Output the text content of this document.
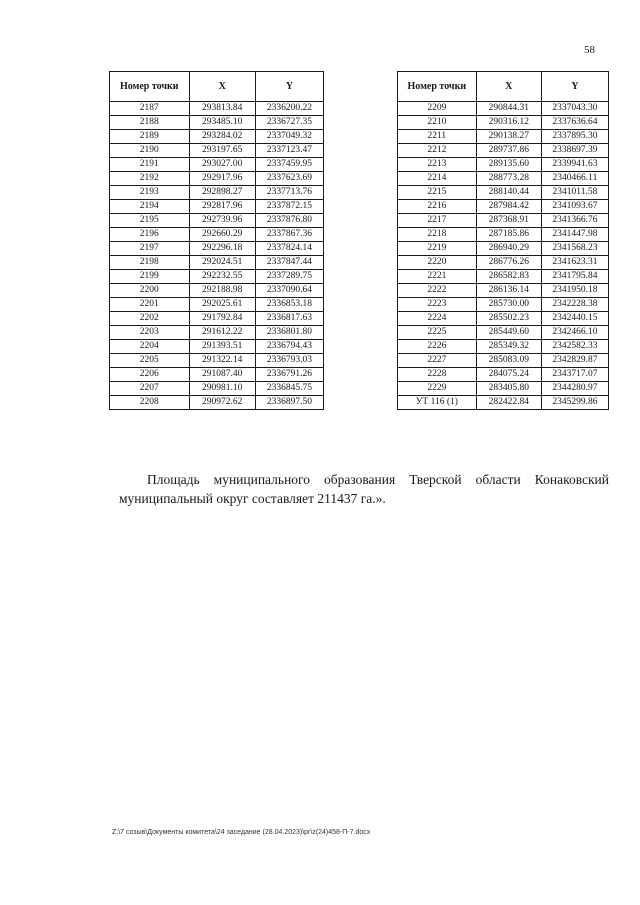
58
Номер точки	X	Y
2187	293813.84	2336200.22
2188	293485.10	2336727.35
2189	293284.02	2337049.32
2190	293197.65	2337123.47
2191	293027.00	2337459.95
2192	292917.96	2337623.69
2193	292898.27	2337713.76
2194	292817.96	2337872.15
2195	292739.96	2337876.80
2196	292660.29	2337867.36
2197	292296.18	2337824.14
2198	292024.51	2337847.44
2199	292232.55	2337289.75
2200	292188.98	2337090.64
2201	292025.61	2336853.18
2202	291792.84	2336817.63
2203	291612.22	2336801.80
2204	291393.51	2336794.43
2205	291322.14	2336793.03
2206	291087.40	2336791.26
2207	290981.10	2336845.75
2208	290972.62	2336897.50
Номер точки	X	Y
2209	290844.31	2337043.30
2210	290316.12	2337636.64
2211	290138.27	2337895.30
2212	289737.86	2338697.39
2213	289135.60	2339941.63
2214	288773.28	2340466.11
2215	288140.44	2341011.58
2216	287984.42	2341093.67
2217	287368.91	2341366.76
2218	287185.86	2341447.98
2219	286940.29	2341568.23
2220	286776.26	2341623.31
2221	286582.83	2341795.84
2222	286136.14	2341950.18
2223	285730.00	2342228.38
2224	285502.23	2342440.15
2225	285449.60	2342466.10
2226	285349.32	2342582.33
2227	285083.09	2342829.87
2228	284075.24	2343717.07
2229	283405.80	2344280.97
УТ 116 (1)	282422.84	2345299.86

Площадь муниципального образования Тверской области Конаковский муниципальный округ составляет 211437 га.».

Z:\7 созыв\Документы комитета\24 заседание (28.04.2023)\pr\z(24)458-П-7.docx
